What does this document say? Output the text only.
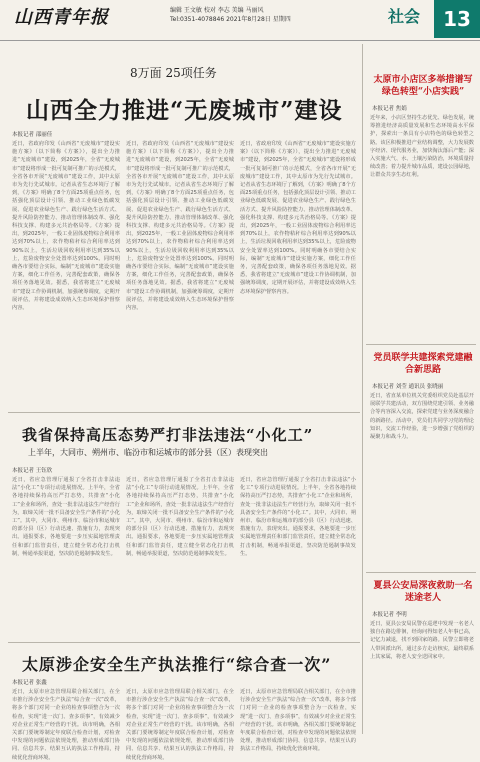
山西青年报	编辑 王文敏 校对 李志 美编 马丽风
Tel:0351-4078846 2021年8月28日 星期四	社会	13
8万面 25项任务
山西全力推进“无废城市”建设
本报记者 邵丽佳
近日，省政府印发《山西省“无废城市”建设实施方案》（以下简称《方案》），提出全力推进“无废城市”建设，到2025年，全省“无废城市”建设将形成一批可复制可推广的示范模式，全省各市开展“无废城市”建设工作，其中太原市为先行先试城市。记者从省生态环境厅了解到，《方案》明确了8个方面25项重点任务，包括强化顶层设计引领、推动工业绿色低碳发展、促进农业绿色生产、践行绿色生活方式、提升风险防控能力、推动管理体制改革、强化科技支撑、构建多元共治格局等。《方案》提出，到2025年，一般工业固体废物综合利用率达到70%以上，农作物秸秆综合利用率达到90%以上，生活垃圾回收利用率达到35%以上，危险废物安全处置率达到100%。同时明确各市要结合实际，编制“无废城市”建设实施方案，细化工作任务，完善配套政策，确保各项任务落地见效。据悉，我省将建立“无废城市”建设工作协调机制，加强统筹调度，定期开展评估，并将建设成效纳入生态环境保护督察内容。
近日，省政府印发《山西省“无废城市”建设实施方案》（以下简称《方案》），提出全力推进“无废城市”建设，到2025年，全省“无废城市”建设将形成一批可复制可推广的示范模式，全省各市开展“无废城市”建设工作，其中太原市为先行先试城市。记者从省生态环境厅了解到，《方案》明确了8个方面25项重点任务，包括强化顶层设计引领、推动工业绿色低碳发展、促进农业绿色生产、践行绿色生活方式、提升风险防控能力、推动管理体制改革、强化科技支撑、构建多元共治格局等。《方案》提出，到2025年，一般工业固体废物综合利用率达到70%以上，农作物秸秆综合利用率达到90%以上，生活垃圾回收利用率达到35%以上，危险废物安全处置率达到100%。同时明确各市要结合实际，编制“无废城市”建设实施方案，细化工作任务，完善配套政策，确保各项任务落地见效。据悉，我省将建立“无废城市”建设工作协调机制，加强统筹调度，定期开展评估，并将建设成效纳入生态环境保护督察内容。
近日，省政府印发《山西省“无废城市”建设实施方案》（以下简称《方案》），提出全力推进“无废城市”建设，到2025年，全省“无废城市”建设将形成一批可复制可推广的示范模式，全省各市开展“无废城市”建设工作，其中太原市为先行先试城市。记者从省生态环境厅了解到，《方案》明确了8个方面25项重点任务，包括强化顶层设计引领、推动工业绿色低碳发展、促进农业绿色生产、践行绿色生活方式、提升风险防控能力、推动管理体制改革、强化科技支撑、构建多元共治格局等。《方案》提出，到2025年，一般工业固体废物综合利用率达到70%以上，农作物秸秆综合利用率达到90%以上，生活垃圾回收利用率达到35%以上，危险废物安全处置率达到100%。同时明确各市要结合实际，编制“无废城市”建设实施方案，细化工作任务，完善配套政策，确保各项任务落地见效。据悉，我省将建立“无废城市”建设工作协调机制，加强统筹调度，定期开展评估，并将建设成效纳入生态环境保护督察内容。
太原市小店区多举措谱写绿色转型“小店实践”
本报记者 焦娟
近年来，小店区坚持生态优先、绿色发展，统筹推进经济高质量发展和生态环境高水平保护，探索出一条具有小店特色的绿色转型之路。该区积极推进产业结构调整，大力发展数字经济、现代服务业，加快淘汰落后产能；深入实施大气、水、土壤污染防治，环境质量持续改善；着力提升城市品质，建设公园绿地，让群众共享生态红利。
我省保持高压态势严打非法违法“小化工”
上半年，大同市、朔州市、临汾市和运城市的部分县（区）表现突出
本报记者 王钰欣
近日，省应急管理厅通报了全省打击非法违法“小化工”专项行动进展情况。上半年，全省各地持续保持高压严打态势，共排查“小化工”企业和场所，查处一批非法违法生产经营行为，取缔关闭一批不具备安全生产条件的“小化工”。其中，大同市、朔州市、临汾市和运城市的部分县（区）行动迅速、措施有力，表现突出。通报要求，各地要进一步压实属地管理责任和部门监管责任，建立健全常态化打击机制，畅通举报渠道，坚决防范遏制事故发生。
近日，省应急管理厅通报了全省打击非法违法“小化工”专项行动进展情况。上半年，全省各地持续保持高压严打态势，共排查“小化工”企业和场所，查处一批非法违法生产经营行为，取缔关闭一批不具备安全生产条件的“小化工”。其中，大同市、朔州市、临汾市和运城市的部分县（区）行动迅速、措施有力，表现突出。通报要求，各地要进一步压实属地管理责任和部门监管责任，建立健全常态化打击机制，畅通举报渠道，坚决防范遏制事故发生。
近日，省应急管理厅通报了全省打击非法违法“小化工”专项行动进展情况。上半年，全省各地持续保持高压严打态势，共排查“小化工”企业和场所，查处一批非法违法生产经营行为，取缔关闭一批不具备安全生产条件的“小化工”。其中，大同市、朔州市、临汾市和运城市的部分县（区）行动迅速、措施有力，表现突出。通报要求，各地要进一步压实属地管理责任和部门监管责任，建立健全常态化打击机制，畅通举报渠道，坚决防范遏制事故发生。
党员联学共建探索党建融合新思路
本报记者 刘莹 通讯员 张晓丽
近日，省直某单位机关党委组织党员赴基层开展联学共建活动，双方围绕党建引领、业务融合等内容深入交流，探索党建与业务深度融合的新路径。活动中，党员们共同学习党的理论知识，交流工作经验，进一步增强了党组织的凝聚力和战斗力。
太原涉企安全生产执法推行“综合查一次”
本报记者 张鑫
近日，太原市应急管理局联合相关部门，在全市推行涉企安全生产执法“综合查一次”改革，将多个部门对同一企业的检查事项整合为一次检查，实现“进一次门、查多项事”，有效减少对企业正常生产经营的干扰。该市明确，各相关部门要统筹制定年度联合检查计划，对检查中发现的问题依法依规处理，推动形成部门协同、信息共享、结果互认的执法工作格局，持续优化营商环境。
近日，太原市应急管理局联合相关部门，在全市推行涉企安全生产执法“综合查一次”改革，将多个部门对同一企业的检查事项整合为一次检查，实现“进一次门、查多项事”，有效减少对企业正常生产经营的干扰。该市明确，各相关部门要统筹制定年度联合检查计划，对检查中发现的问题依法依规处理，推动形成部门协同、信息共享、结果互认的执法工作格局，持续优化营商环境。
近日，太原市应急管理局联合相关部门，在全市推行涉企安全生产执法“综合查一次”改革，将多个部门对同一企业的检查事项整合为一次检查，实现“进一次门、查多项事”，有效减少对企业正常生产经营的干扰。该市明确，各相关部门要统筹制定年度联合检查计划，对检查中发现的问题依法依规处理，推动形成部门协同、信息共享、结果互认的执法工作格局，持续优化营商环境。
夏县公安局深夜救助一名迷途老人
本报记者 李明
近日，夏县公安局民警在巡逻中发现一名老人独自在路边徘徊，经询问得知老人年事已高，记忆力减退，找不到回家的路。民警立即将老人带回派出所，通过多方走访核实，最终联系上其家属，将老人安全送回家中。
